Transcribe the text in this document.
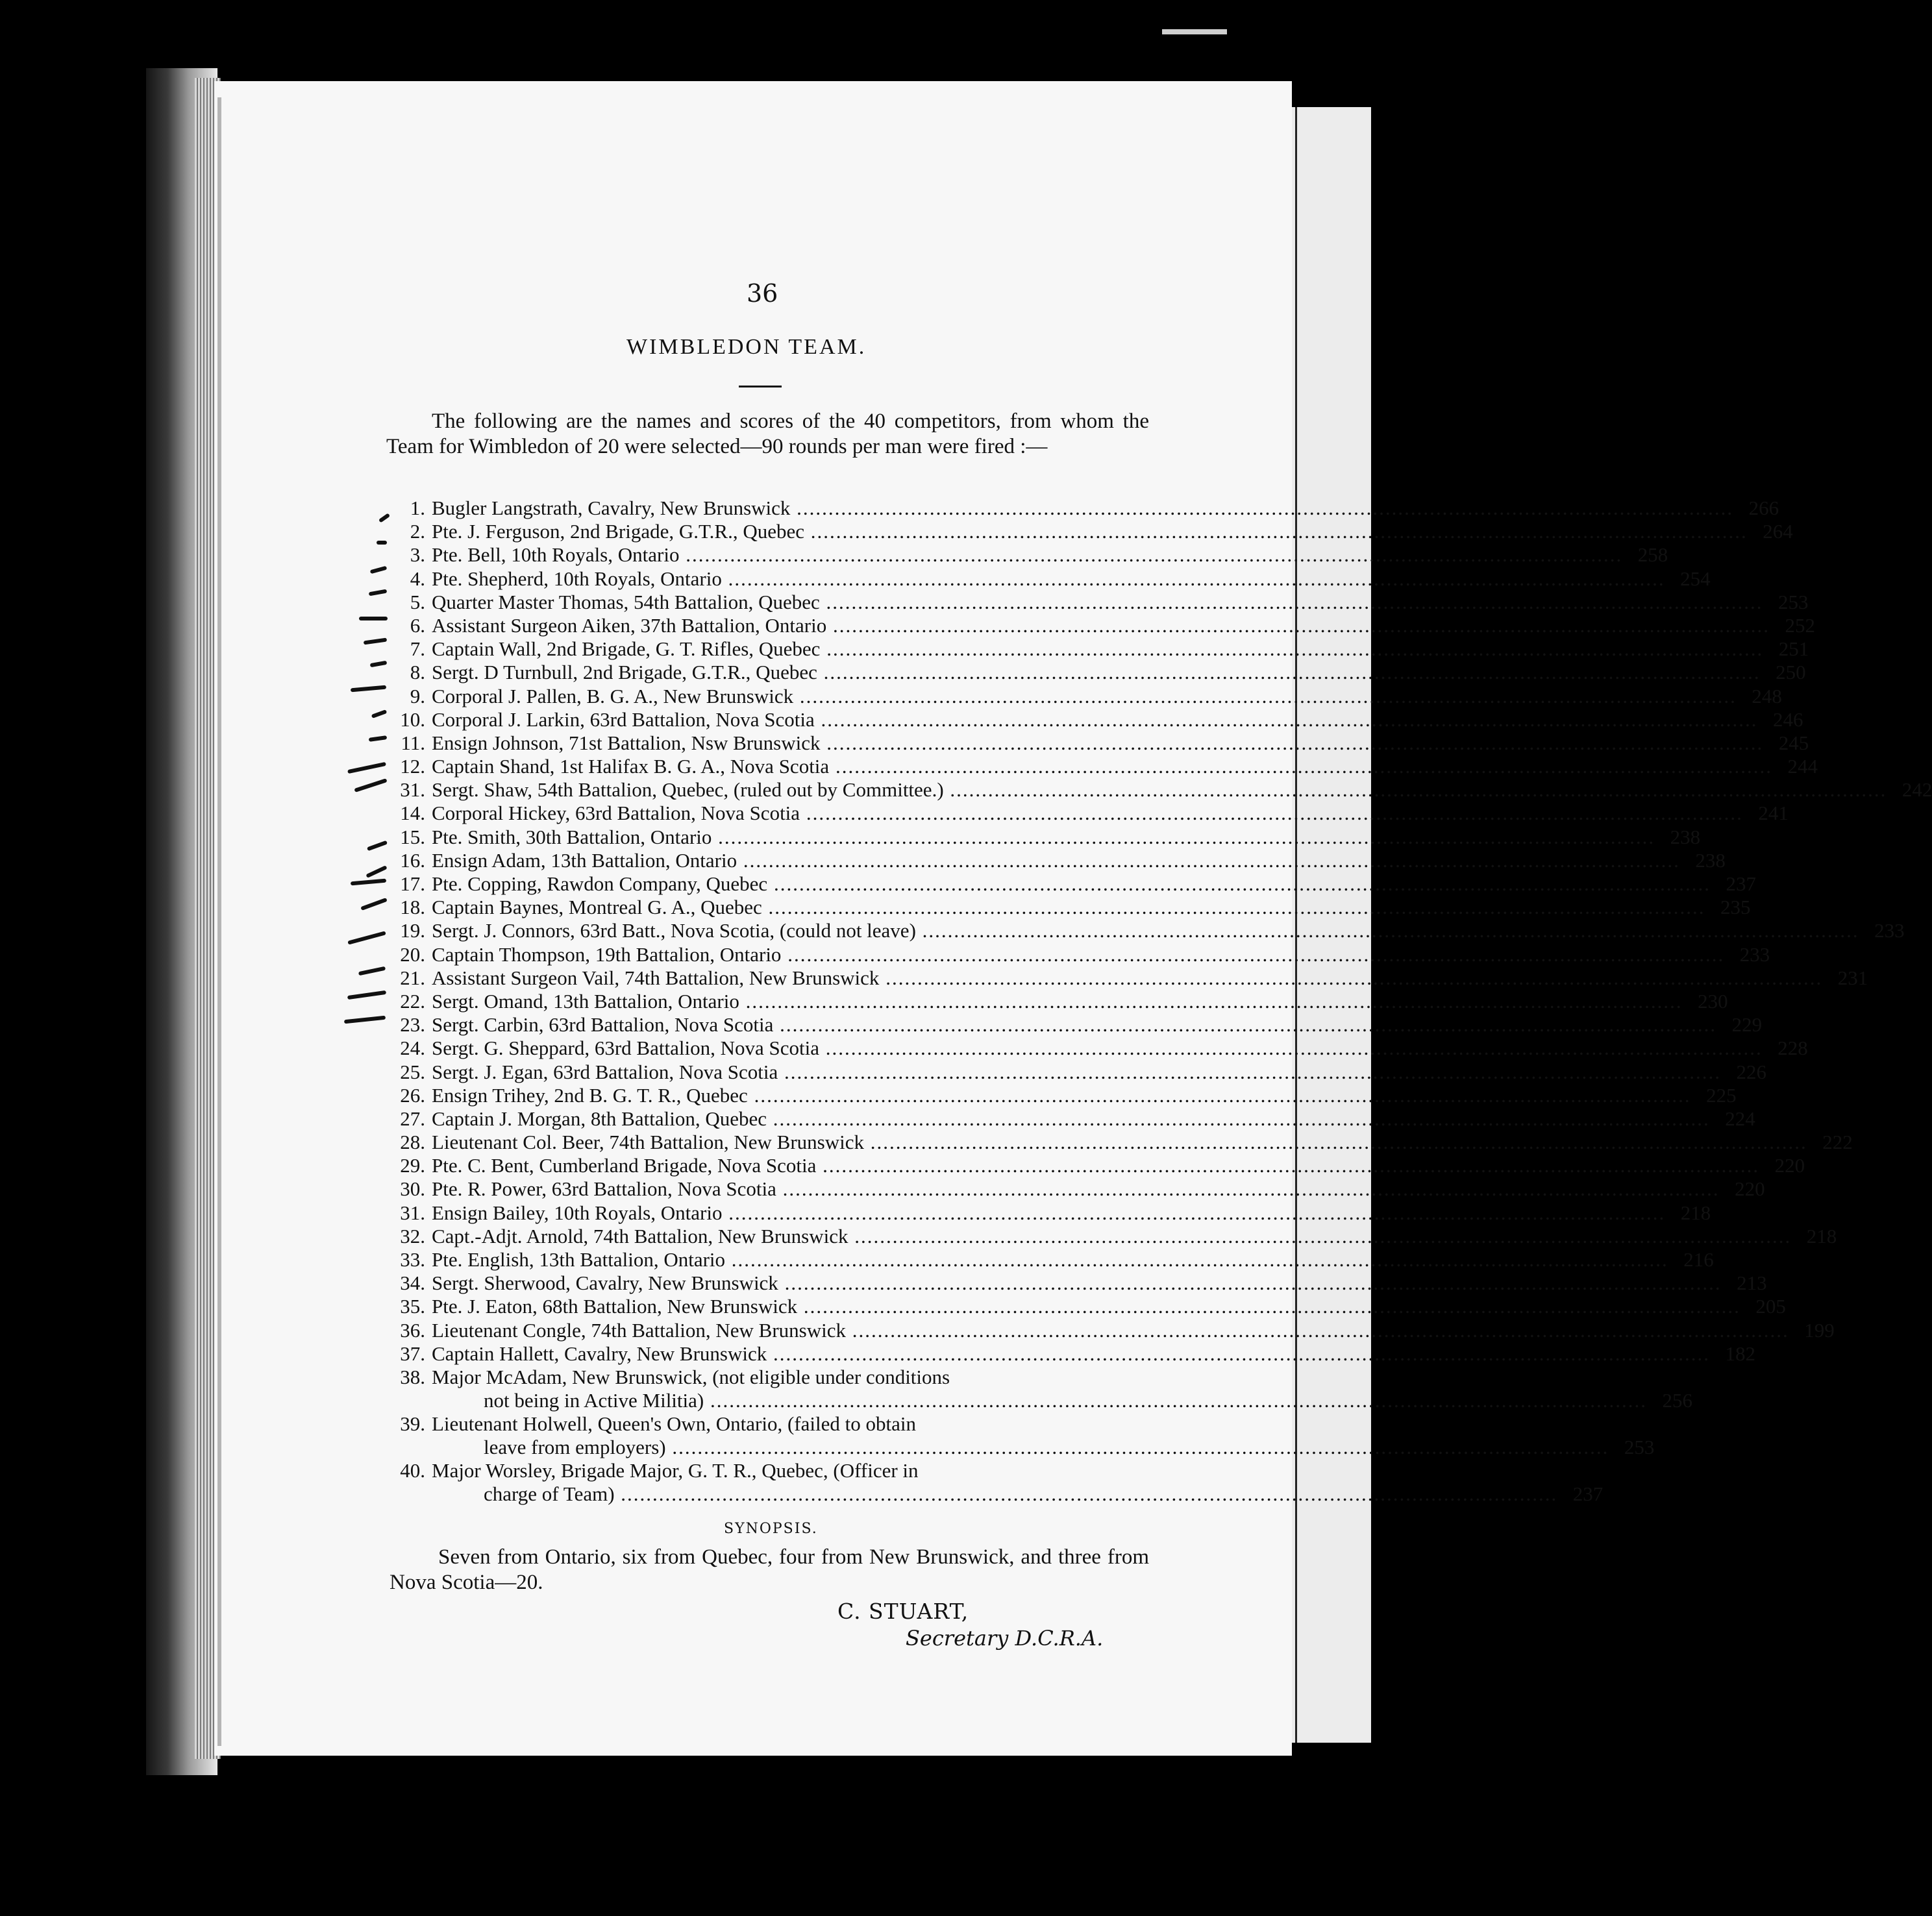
36
WIMBLEDON TEAM.
The following are the names and scores of the 40 competitors, from whom the Team for Wimbledon of 20 were selected—90 rounds per man were fired :—
1. Bugler Langstrath, Cavalry, New Brunswick .....	266
2. Pte. J. Ferguson, 2nd Brigade, G.T.R., Quebec .....	264
3. Pte. Bell, 10th Royals, Ontario .....	258
4. Pte. Shepherd, 10th Royals, Ontario .....	254
5. Quarter Master Thomas, 54th Battalion, Quebec .....	253
6. Assistant Surgeon Aiken, 37th Battalion, Ontario .....	252
7. Captain Wall, 2nd Brigade, G. T. Rifles, Quebec .....	251
8. Sergt. D Turnbull, 2nd Brigade, G.T.R., Quebec .....	250
9. Corporal J. Pallen, B. G. A., New Brunswick .....	248
10. Corporal J. Larkin, 63rd Battalion, Nova Scotia .....	246
11. Ensign Johnson, 71st Battalion, Nsw Brunswick .....	245
12. Captain Shand, 1st Halifax B. G. A., Nova Scotia .....	244
31. Sergt. Shaw, 54th Battalion, Quebec, (ruled out by Committee.) .....	242
14. Corporal Hickey, 63rd Battalion, Nova Scotia .....	241
15. Pte. Smith, 30th Battalion, Ontario .....	238
16. Ensign Adam, 13th Battalion, Ontario .....	238
17. Pte. Copping, Rawdon Company, Quebec .....	237
18. Captain Baynes, Montreal G. A., Quebec .....	235
19. Sergt. J. Connors, 63rd Batt., Nova Scotia, (could not leave) .....	233
20. Captain Thompson, 19th Battalion, Ontario .....	233
21. Assistant Surgeon Vail, 74th Battalion, New Brunswick .....	231
22. Sergt. Omand, 13th Battalion, Ontario .....	230
23. Sergt. Carbin, 63rd Battalion, Nova Scotia .....	229
24. Sergt. G. Sheppard, 63rd Battalion, Nova Scotia .....	228
25. Sergt. J. Egan, 63rd Battalion, Nova Scotia .....	226
26. Ensign Trihey, 2nd B. G. T. R., Quebec .....	225
27. Captain J. Morgan, 8th Battalion, Quebec .....	224
28. Lieutenant Col. Beer, 74th Battalion, New Brunswick .....	222
29. Pte. C. Bent, Cumberland Brigade, Nova Scotia .....	220
30. Pte. R. Power, 63rd Battalion, Nova Scotia .....	220
31. Ensign Bailey, 10th Royals, Ontario .....	218
32. Capt.-Adjt. Arnold, 74th Battalion, New Brunswick .....	218
33. Pte. English, 13th Battalion, Ontario .....	216
34. Sergt. Sherwood, Cavalry, New Brunswick .....	213
35. Pte. J. Eaton, 68th Battalion, New Brunswick .....	205
36. Lieutenant Congle, 74th Battalion, New Brunswick .....	199
37. Captain Hallett, Cavalry, New Brunswick .....	182
38. Major McAdam, New Brunswick, (not eligible under conditions
not being in Active Militia) .....	256
39. Lieutenant Holwell, Queen's Own, Ontario, (failed to obtain
leave from employers) .....	253
40. Major Worsley, Brigade Major, G. T. R., Quebec, (Officer in
charge of Team) .....	237
SYNOPSIS.
Seven from Ontario, six from Quebec, four from New Brunswick, and three from Nova Scotia—20.
C. STUART,
Secretary D.C.R.A.
